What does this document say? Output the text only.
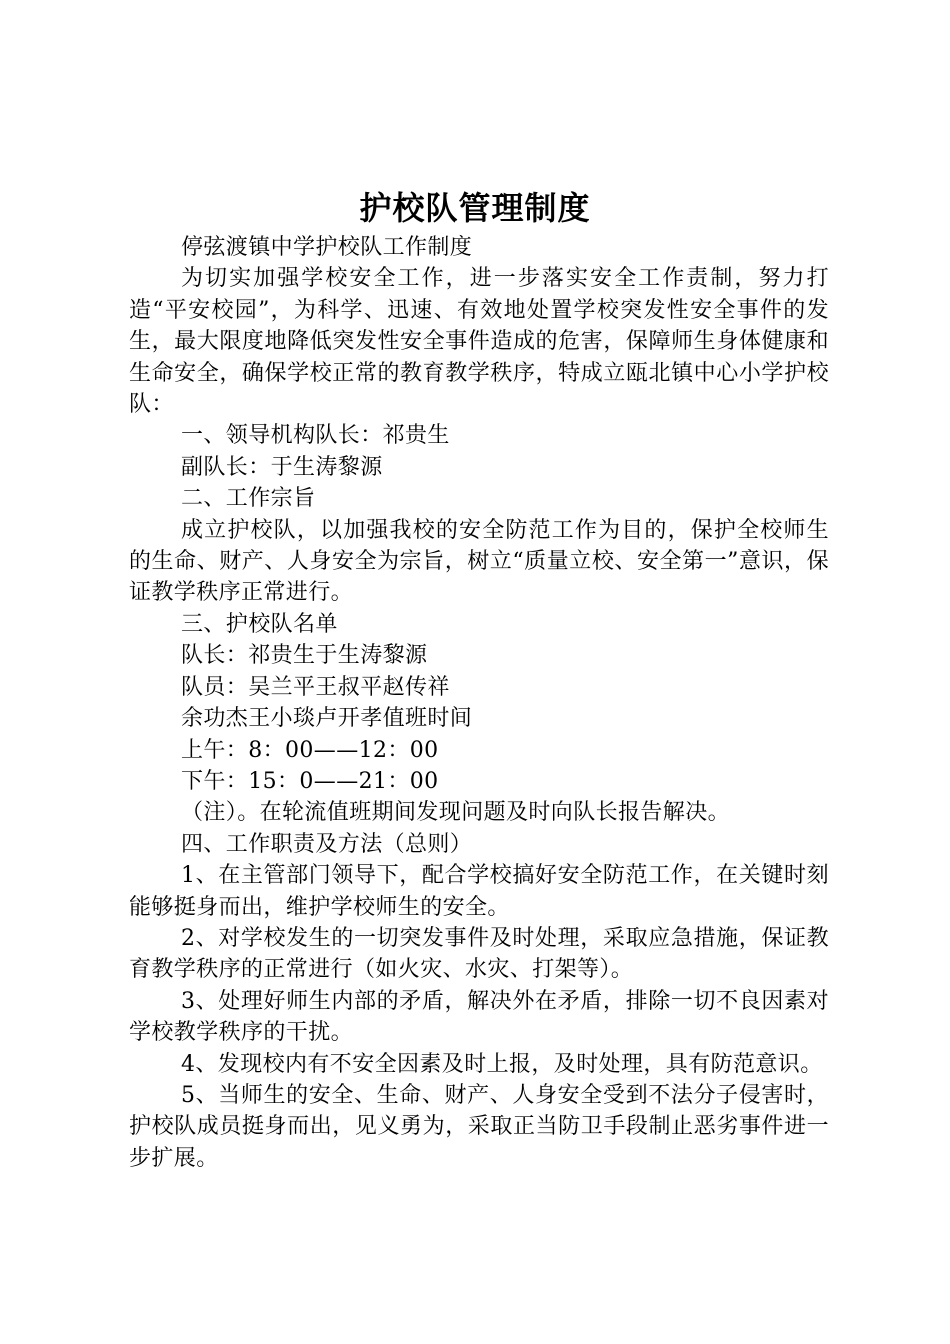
护校队管理制度

停弦渡镇中学护校队工作制度

为切实加强学校安全工作，进一步落实安全工作责制，努力打造“平安校园”，为科学、迅速、有效地处置学校突发性安全事件的发生，最大限度地降低突发性安全事件造成的危害，保障师生身体健康和生命安全，确保学校正常的教育教学秩序，特成立瓯北镇中心小学护校队：

一、领导机构队长：祁贵生

副队长：于生涛黎源

二、工作宗旨

成立护校队，以加强我校的安全防范工作为目的，保护全校师生的生命、财产、人身安全为宗旨，树立“质量立校、安全第一”意识，保证教学秩序正常进行。

三、护校队名单

队长：祁贵生于生涛黎源

队员：吴兰平王叔平赵传祥

余功杰王小琰卢开孝值班时间

上午：8：00——12：00

下午：15：0——21：00

（注）。在轮流值班期间发现问题及时向队长报告解决。

四、工作职责及方法（总则）

1、在主管部门领导下，配合学校搞好安全防范工作，在关键时刻能够挺身而出，维护学校师生的安全。

2、对学校发生的一切突发事件及时处理，采取应急措施，保证教育教学秩序的正常进行（如火灾、水灾、打架等）。

3、处理好师生内部的矛盾，解决外在矛盾，排除一切不良因素对学校教学秩序的干扰。

4、发现校内有不安全因素及时上报，及时处理，具有防范意识。

5、当师生的安全、生命、财产、人身安全受到不法分子侵害时，护校队成员挺身而出，见义勇为，采取正当防卫手段制止恶劣事件进一步扩展。
